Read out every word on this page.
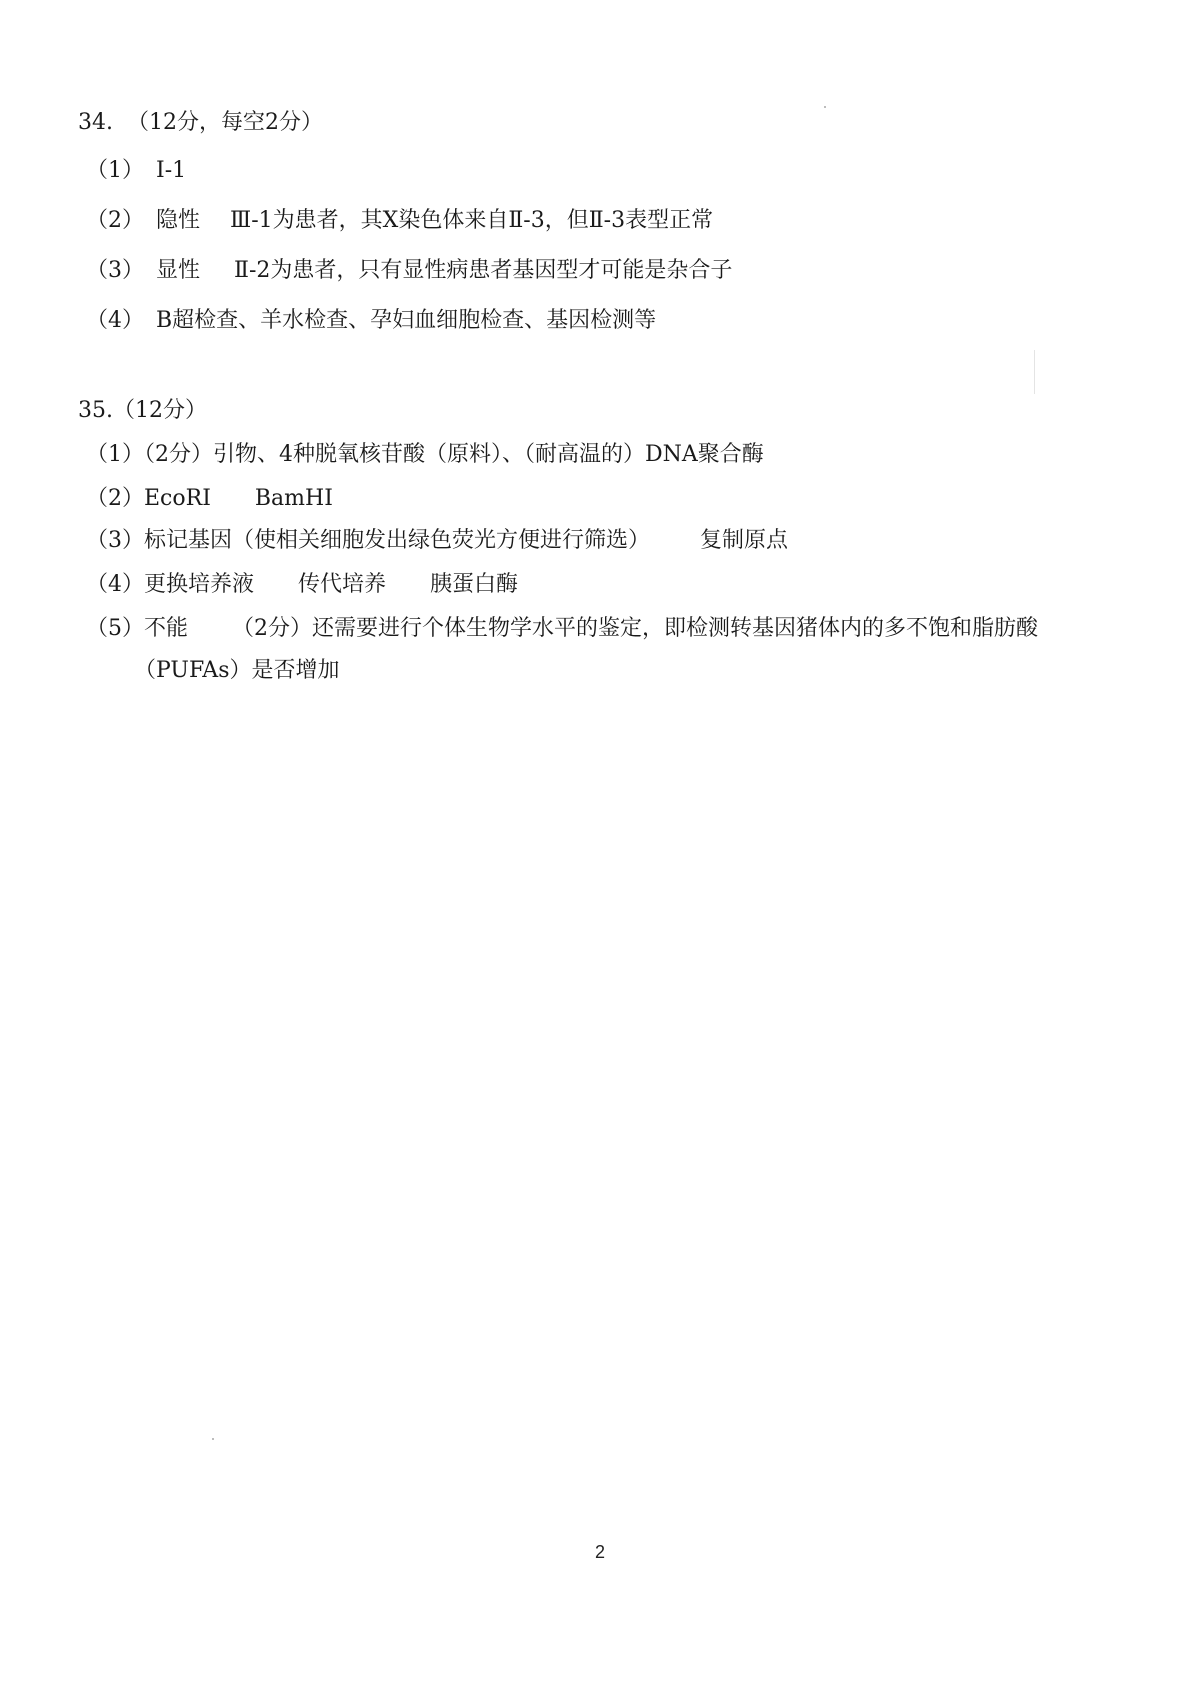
34.  （12分，每空2分）
（1） Ⅰ-1
（2） 隐性 Ⅲ-1为患者，其X染色体来自Ⅱ-3，但Ⅱ-3表型正常
（3） 显性 Ⅱ-2为患者，只有显性病患者基因型才可能是杂合子
（4） B超检查、羊水检查、孕妇血细胞检查、基因检测等
35.（12分）
（1）（2分）引物、4种脱氧核苷酸（原料）、（耐高温的）DNA聚合酶
（2）EcoRI BamHI
（3）标记基因（使相关细胞发出绿色荧光方便进行筛选） 复制原点
（4）更换培养液 传代培养 胰蛋白酶
（5）不能 （2分）还需要进行个体生物学水平的鉴定，即检测转基因猪体内的多不饱和脂肪酸
（PUFAs）是否增加
2
